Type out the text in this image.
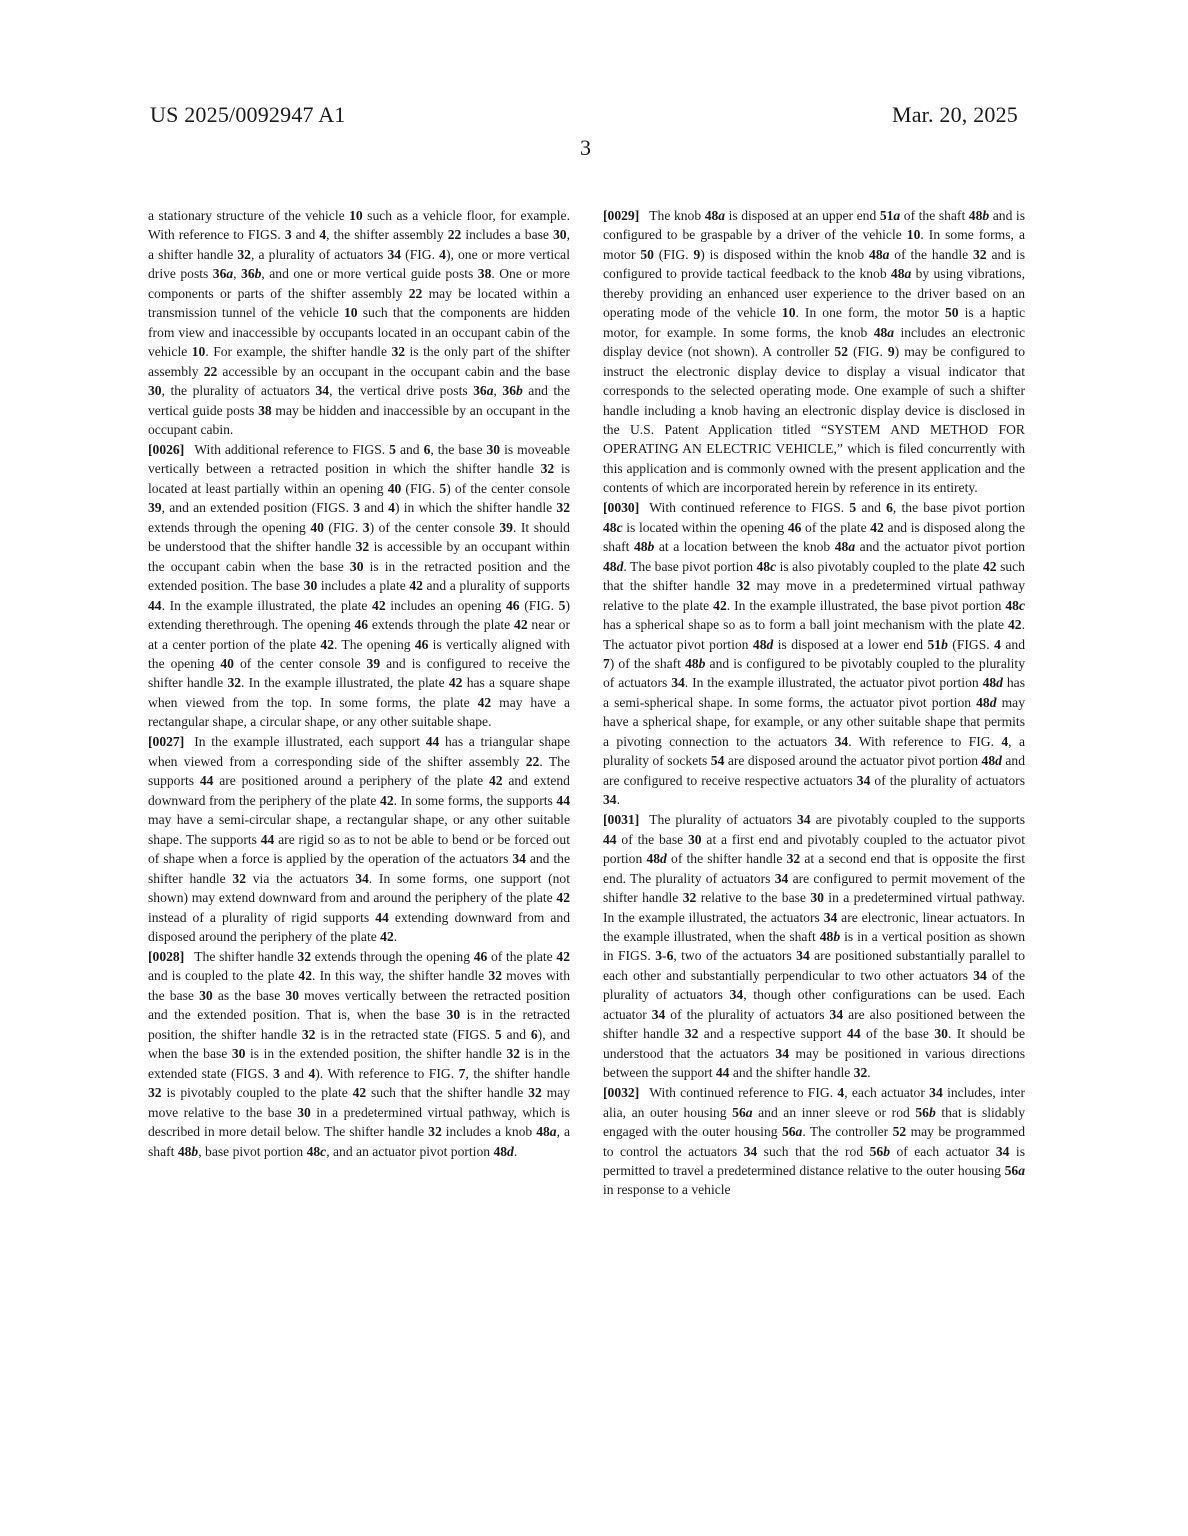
US 2025/0092947 A1	Mar. 20, 2025
3

a stationary structure of the vehicle 10 such as a vehicle floor, for example. With reference to FIGS. 3 and 4, the shifter assembly 22 includes a base 30, a shifter handle 32, a plurality of actuators 34 (FIG. 4), one or more vertical drive posts 36a, 36b, and one or more vertical guide posts 38. One or more components or parts of the shifter assembly 22 may be located within a transmission tunnel of the vehicle 10 such that the components are hidden from view and inaccessible by occupants located in an occupant cabin of the vehicle 10. For example, the shifter handle 32 is the only part of the shifter assembly 22 accessible by an occupant in the occupant cabin and the base 30, the plurality of actuators 34, the vertical drive posts 36a, 36b and the vertical guide posts 38 may be hidden and inaccessible by an occupant in the occupant cabin.

[0026] With additional reference to FIGS. 5 and 6, the base 30 is moveable vertically between a retracted position in which the shifter handle 32 is located at least partially within an opening 40 (FIG. 5) of the center console 39, and an extended position (FIGS. 3 and 4) in which the shifter handle 32 extends through the opening 40 (FIG. 3) of the center console 39. It should be understood that the shifter handle 32 is accessible by an occupant within the occupant cabin when the base 30 is in the retracted position and the extended position. The base 30 includes a plate 42 and a plurality of supports 44. In the example illustrated, the plate 42 includes an opening 46 (FIG. 5) extending therethrough. The opening 46 extends through the plate 42 near or at a center portion of the plate 42. The opening 46 is vertically aligned with the opening 40 of the center console 39 and is configured to receive the shifter handle 32. In the example illustrated, the plate 42 has a square shape when viewed from the top. In some forms, the plate 42 may have a rectangular shape, a circular shape, or any other suitable shape.

[0027] In the example illustrated, each support 44 has a triangular shape when viewed from a corresponding side of the shifter assembly 22. The supports 44 are positioned around a periphery of the plate 42 and extend downward from the periphery of the plate 42. In some forms, the supports 44 may have a semi-circular shape, a rectangular shape, or any other suitable shape. The supports 44 are rigid so as to not be able to bend or be forced out of shape when a force is applied by the operation of the actuators 34 and the shifter handle 32 via the actuators 34. In some forms, one support (not shown) may extend downward from and around the periphery of the plate 42 instead of a plurality of rigid supports 44 extending downward from and disposed around the periphery of the plate 42.

[0028] The shifter handle 32 extends through the opening 46 of the plate 42 and is coupled to the plate 42. In this way, the shifter handle 32 moves with the base 30 as the base 30 moves vertically between the retracted position and the extended position. That is, when the base 30 is in the retracted position, the shifter handle 32 is in the retracted state (FIGS. 5 and 6), and when the base 30 is in the extended position, the shifter handle 32 is in the extended state (FIGS. 3 and 4). With reference to FIG. 7, the shifter handle 32 is pivotably coupled to the plate 42 such that the shifter handle 32 may move relative to the base 30 in a predetermined virtual pathway, which is described in more detail below. The shifter handle 32 includes a knob 48a, a shaft 48b, base pivot portion 48c, and an actuator pivot portion 48d.

[0029] The knob 48a is disposed at an upper end 51a of the shaft 48b and is configured to be graspable by a driver of the vehicle 10. In some forms, a motor 50 (FIG. 9) is disposed within the knob 48a of the handle 32 and is configured to provide tactical feedback to the knob 48a by using vibrations, thereby providing an enhanced user experience to the driver based on an operating mode of the vehicle 10. In one form, the motor 50 is a haptic motor, for example. In some forms, the knob 48a includes an electronic display device (not shown). A controller 52 (FIG. 9) may be configured to instruct the electronic display device to display a visual indicator that corresponds to the selected operating mode. One example of such a shifter handle including a knob having an electronic display device is disclosed in the U.S. Patent Application titled “SYSTEM AND METHOD FOR OPERATING AN ELECTRIC VEHICLE,” which is filed concurrently with this application and is commonly owned with the present application and the contents of which are incorporated herein by reference in its entirety.

[0030] With continued reference to FIGS. 5 and 6, the base pivot portion 48c is located within the opening 46 of the plate 42 and is disposed along the shaft 48b at a location between the knob 48a and the actuator pivot portion 48d. The base pivot portion 48c is also pivotably coupled to the plate 42 such that the shifter handle 32 may move in a predetermined virtual pathway relative to the plate 42. In the example illustrated, the base pivot portion 48c has a spherical shape so as to form a ball joint mechanism with the plate 42. The actuator pivot portion 48d is disposed at a lower end 51b (FIGS. 4 and 7) of the shaft 48b and is configured to be pivotably coupled to the plurality of actuators 34. In the example illustrated, the actuator pivot portion 48d has a semi-spherical shape. In some forms, the actuator pivot portion 48d may have a spherical shape, for example, or any other suitable shape that permits a pivoting connection to the actuators 34. With reference to FIG. 4, a plurality of sockets 54 are disposed around the actuator pivot portion 48d and are configured to receive respective actuators 34 of the plurality of actuators 34.

[0031] The plurality of actuators 34 are pivotably coupled to the supports 44 of the base 30 at a first end and pivotably coupled to the actuator pivot portion 48d of the shifter handle 32 at a second end that is opposite the first end. The plurality of actuators 34 are configured to permit movement of the shifter handle 32 relative to the base 30 in a predetermined virtual pathway. In the example illustrated, the actuators 34 are electronic, linear actuators. In the example illustrated, when the shaft 48b is in a vertical position as shown in FIGS. 3-6, two of the actuators 34 are positioned substantially parallel to each other and substantially perpendicular to two other actuators 34 of the plurality of actuators 34, though other configurations can be used. Each actuator 34 of the plurality of actuators 34 are also positioned between the shifter handle 32 and a respective support 44 of the base 30. It should be understood that the actuators 34 may be positioned in various directions between the support 44 and the shifter handle 32.

[0032] With continued reference to FIG. 4, each actuator 34 includes, inter alia, an outer housing 56a and an inner sleeve or rod 56b that is slidably engaged with the outer housing 56a. The controller 52 may be programmed to control the actuators 34 such that the rod 56b of each actuator 34 is permitted to travel a predetermined distance relative to the outer housing 56a in response to a vehicle
